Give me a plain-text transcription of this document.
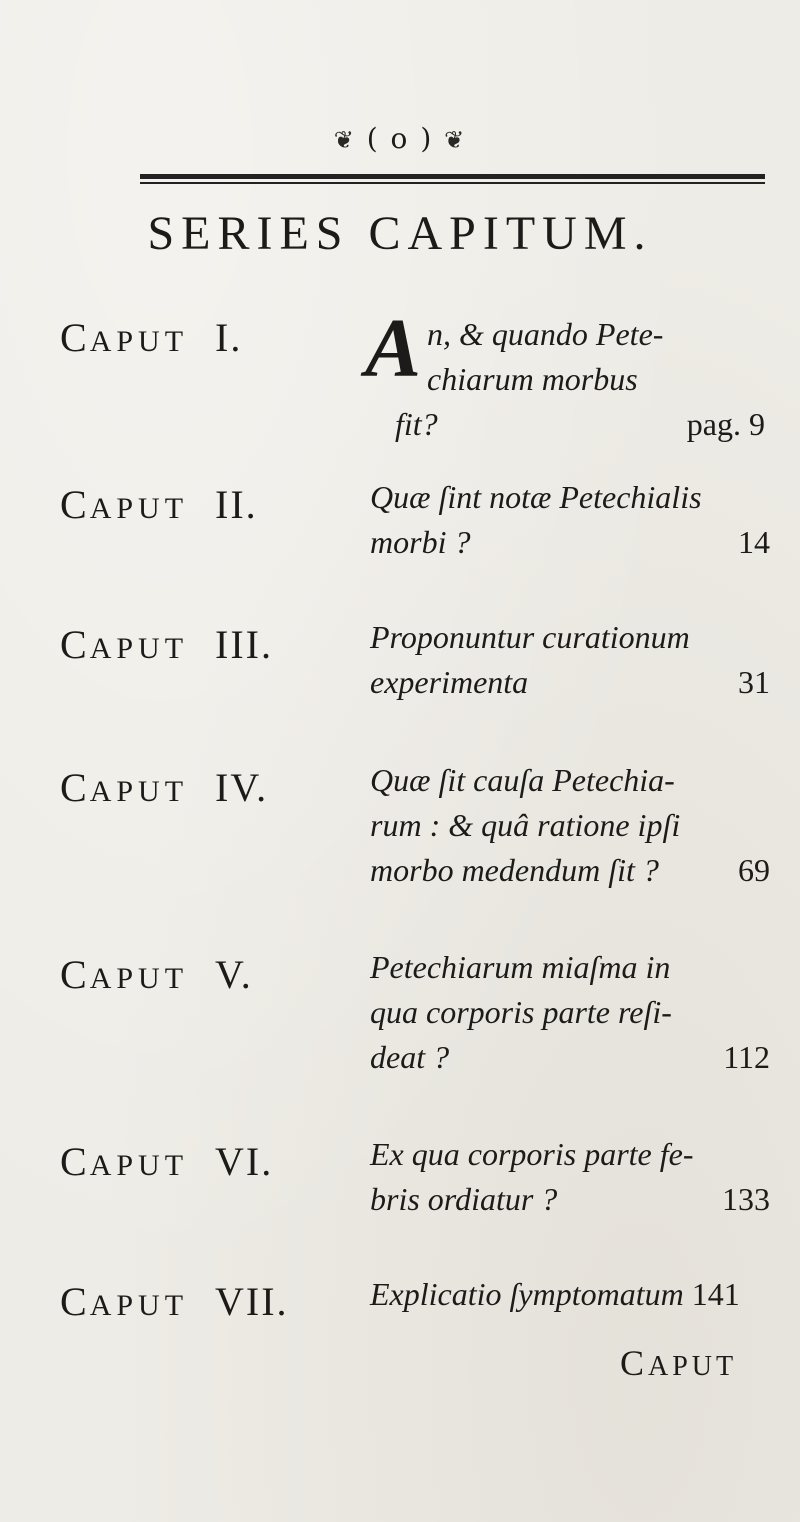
❦ ( o ) ❦
SERIES CAPITUM.
CAPUT I. A n, & quando Pete-
chiarum morbus
fit?	pag. 9
CAPUT II.	Quæ ſint notæ Petechialis
morbi ?	14
CAPUT III.	Proponuntur curationum
experimenta	31
CAPUT IV.	Quæ ſit cauſa Petechia-
rum : & quâ ratione ipſi
morbo medendum ſit ? 69
CAPUT V.	Petechiarum miaſma in
qua corporis parte reſi-
deat ?	112
CAPUT VI.	Ex qua corporis parte fe-
bris ordiatur ?	133
CAPUT VII.	Explicatio ſymptomatum 141
CAPUT
